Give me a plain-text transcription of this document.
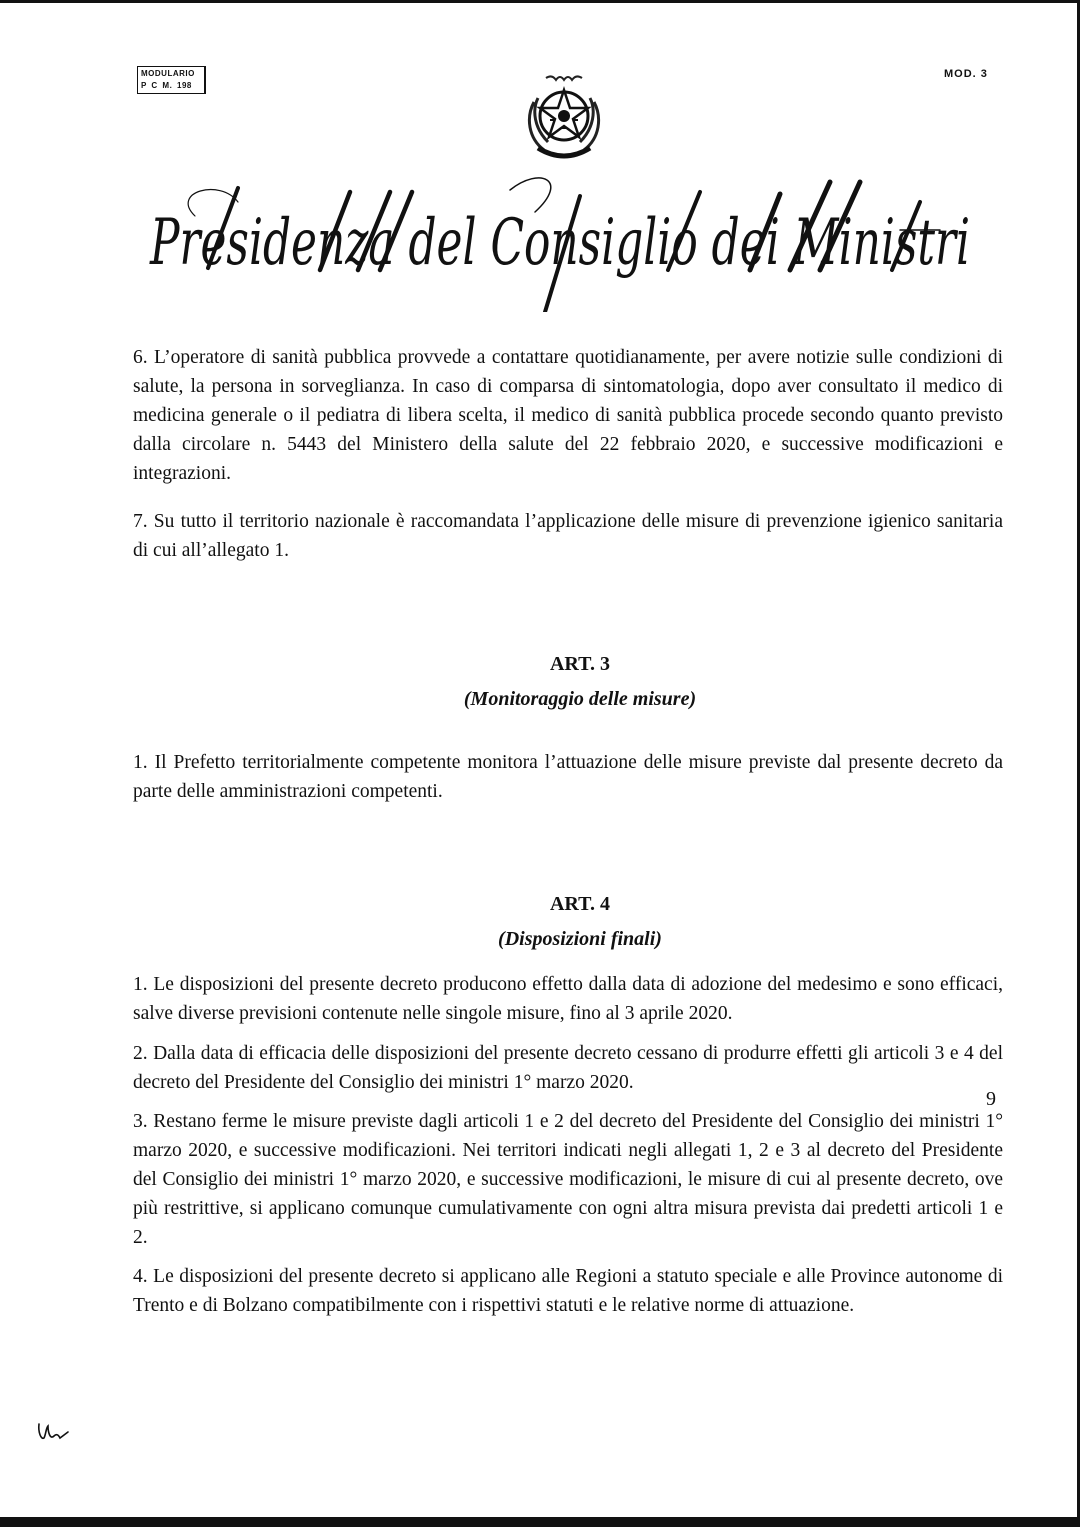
MODULARIO
P C M. 198
MOD. 3
Presidenza del Consiglio dei Ministri

6. L’operatore di sanità pubblica provvede a contattare quotidianamente, per avere notizie sulle condizioni di salute, la persona in sorveglianza. In caso di comparsa di sintomatologia, dopo aver consultato il medico di medicina generale o il pediatra di libera scelta, il medico di sanità pubblica procede secondo quanto previsto dalla circolare n. 5443 del Ministero della salute del 22 febbraio 2020, e successive modificazioni e integrazioni.

7. Su tutto il territorio nazionale è raccomandata l’applicazione delle misure di prevenzione igienico sanitaria di cui all’allegato 1.

ART. 3

(Monitoraggio delle misure)

1. Il Prefetto territorialmente competente monitora l’attuazione delle misure previste dal presente decreto da parte delle amministrazioni competenti.

ART. 4

(Disposizioni finali)

1. Le disposizioni del presente decreto producono effetto dalla data di adozione del medesimo e sono efficaci, salve diverse previsioni contenute nelle singole misure, fino al 3 aprile 2020.

2. Dalla data di efficacia delle disposizioni del presente decreto cessano di produrre effetti gli articoli 3 e 4 del decreto del Presidente del Consiglio dei ministri 1° marzo 2020.

3. Restano ferme le misure previste dagli articoli 1 e 2 del decreto del Presidente del Consiglio dei ministri 1° marzo 2020, e successive modificazioni. Nei territori indicati negli allegati 1, 2 e 3 al decreto del Presidente del Consiglio dei ministri 1° marzo 2020, e successive modificazioni, le misure di cui al presente decreto, ove più restrittive, si applicano comunque cumulativamente con ogni altra misura prevista dai predetti articoli 1 e 2.

4. Le disposizioni del presente decreto si applicano alle Regioni a statuto speciale e alle Province autonome di Trento e di Bolzano compatibilmente con i rispettivi statuti e le relative norme di attuazione.

9
